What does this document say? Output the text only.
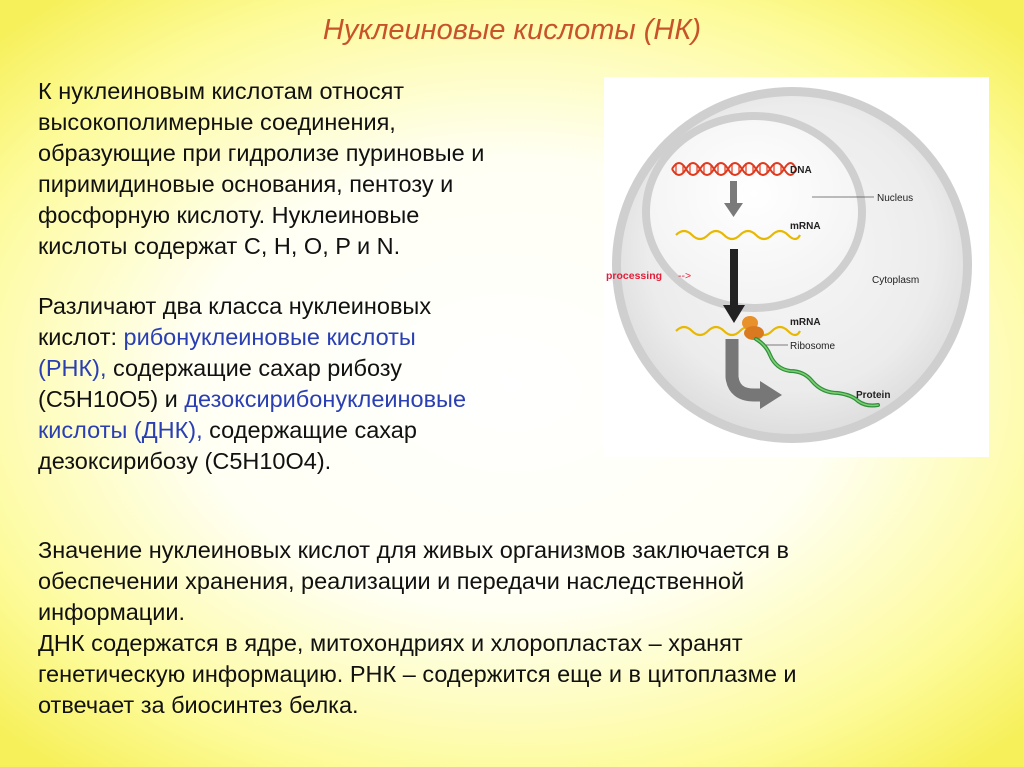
Нуклеиновые кислоты (НК)
К нуклеиновым кислотам относят
высокополимерные соединения,
образующие при гидролизе пуриновые и
пиримидиновые основания, пентозу и
фосфорную кислоту. Нуклеиновые
кислоты содержат C, H, O, P и N.
Различают два класса нуклеиновых
кислот: рибонуклеиновые кислоты
(РНК), содержащие сахар рибозу
(C5H10O5) и дезоксирибонуклеиновые
кислоты (ДНК), содержащие сахар
дезоксирибозу (C5H10O4).
DNA
Nucleus
mRNA
processing -->	Cytoplasm
mRNA
Ribosome
Protein
Значение нуклеиновых кислот для живых организмов заключается в
обеспечении хранения, реализации и передачи наследственной
информации.
ДНК содержатся в ядре, митохондриях и хлоропластах – хранят
генетическую информацию. РНК – содержится еще и в цитоплазме и
отвечает за биосинтез белка.
